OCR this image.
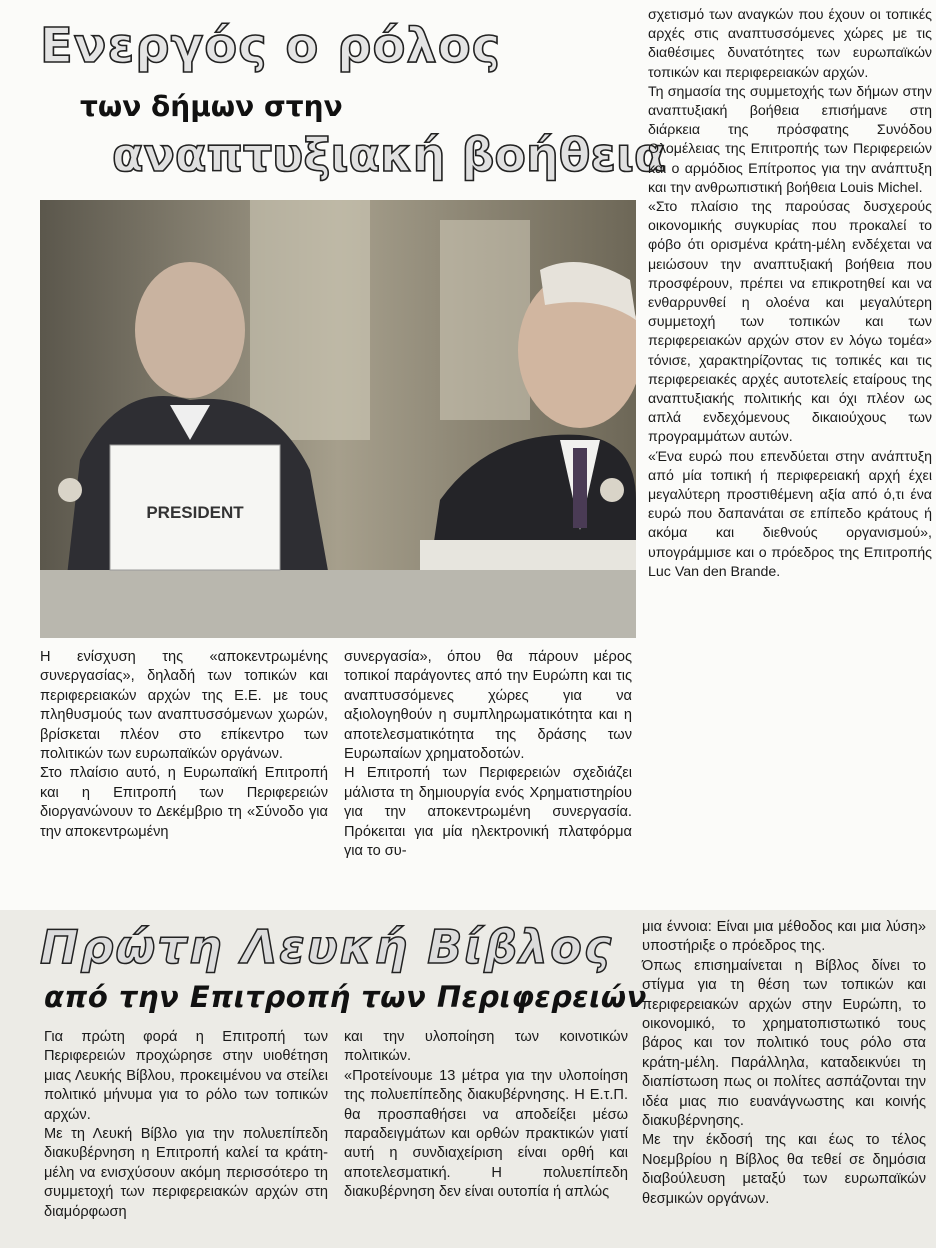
Ενεργός ο ρόλος
των δήμων στην
αναπτυξιακή βοήθεια
PRESIDENT

Η ενίσχυση της «αποκεντρωμένης συνεργασίας», δηλαδή των τοπικών και περιφερειακών αρχών της Ε.Ε. με τους πληθυσμούς των αναπτυσσόμενων χωρών, βρίσκεται πλέον στο επίκεντρο των πολιτικών των ευρωπαϊκών οργάνων.

Στο πλαίσιο αυτό, η Ευρωπαϊκή Επιτροπή και η Επιτροπή των Περιφερειών διοργανώνουν το Δεκέμβριο τη «Σύνοδο για την αποκεντρωμένη

συνεργασία», όπου θα πάρουν μέρος τοπικοί παράγοντες από την Ευρώπη και τις αναπτυσσόμενες χώρες για να αξιολογηθούν η συμπληρωματικότητα και η αποτελεσματικότητα της δράσης των Ευρωπαίων χρηματοδοτών.

Η Επιτροπή των Περιφερειών σχεδιάζει μάλιστα τη δημιουργία ενός Χρηματιστηρίου για την αποκεντρωμένη συνεργασία. Πρόκειται για μία ηλεκτρονική πλατφόρμα για το συ-

σχετισμό των αναγκών που έχουν οι τοπικές αρχές στις αναπτυσσόμενες χώρες με τις διαθέσιμες δυνατότητες των ευρωπαϊκών τοπικών και περιφερειακών αρχών.

Τη σημασία της συμμετοχής των δήμων στην αναπτυξιακή βοήθεια επισήμανε στη διάρκεια της πρόσφατης Συνόδου Ολομέλειας της Επιτροπής των Περιφερειών και ο αρμόδιος Επίτροπος για την ανάπτυξη και την ανθρωπιστική βοήθεια Louis Michel.

«Στο πλαίσιο της παρούσας δυσχερούς οικονομικής συγκυρίας που προκαλεί το φόβο ότι ορισμένα κράτη-μέλη ενδέχεται να μειώσουν την αναπτυξιακή βοήθεια που προσφέρουν, πρέπει να επικροτηθεί και να ενθαρρυνθεί η ολοένα και μεγαλύτερη συμμετοχή των τοπικών και των περιφερειακών αρχών στον εν λόγω τομέα» τόνισε, χαρακτηρίζοντας τις τοπικές και τις περιφερειακές αρχές αυτοτελείς εταίρους της αναπτυξιακής πολιτικής και όχι πλέον ως απλά ενδεχόμενους δικαιούχους των προγραμμάτων αυτών.

«Ένα ευρώ που επενδύεται στην ανάπτυξη από μία τοπική ή περιφερειακή αρχή έχει μεγαλύτερη προστιθέμενη αξία από ό,τι ένα ευρώ που δαπανάται σε επίπεδο κράτους ή ακόμα και διεθνούς οργανισμού», υπογράμμισε και ο πρόεδρος της Επιτροπής Luc Van den Brande.

Πρώτη Λευκή Βίβλος
από την Επιτροπή των Περιφερειών

Για πρώτη φορά η Επιτροπή των Περιφερειών προχώρησε στην υιοθέτηση μιας Λευκής Βίβλου, προκειμένου να στείλει πολιτικό μήνυμα για το ρόλο των τοπικών αρχών.

Με τη Λευκή Βίβλο για την πολυεπίπεδη διακυβέρνηση η Επιτροπή καλεί τα κράτη-μέλη να ενισχύσουν ακόμη περισσότερο τη συμμετοχή των περιφερειακών αρχών στη διαμόρφωση

και την υλοποίηση των κοινοτικών πολιτικών.

«Προτείνουμε 13 μέτρα για την υλοποίηση της πολυεπίπεδης διακυβέρνησης. Η Ε.τ.Π. θα προσπαθήσει να αποδείξει μέσω παραδειγμάτων και ορθών πρακτικών γιατί αυτή η συνδιαχείριση είναι ορθή και αποτελεσματική. Η πολυεπίπεδη διακυβέρνηση δεν είναι ουτοπία ή απλώς

μια έννοια: Είναι μια μέθοδος και μια λύση» υποστήριξε ο πρόεδρος της.

Όπως επισημαίνεται η Βίβλος δίνει το στίγμα για τη θέση των τοπικών και περιφερειακών αρχών στην Ευρώπη, το οικονομικό, το χρηματοπιστωτικό τους βάρος και τον πολιτικό τους ρόλο στα κράτη-μέλη. Παράλληλα, καταδεικνύει τη διαπίστωση πως οι πολίτες ασπάζονται την ιδέα μιας πιο ευανάγνωστης και κοινής διακυβέρνησης.

Με την έκδοσή της και έως το τέλος Νοεμβρίου η Βίβλος θα τεθεί σε δημόσια διαβούλευση μεταξύ των ευρωπαϊκών θεσμικών οργάνων.
